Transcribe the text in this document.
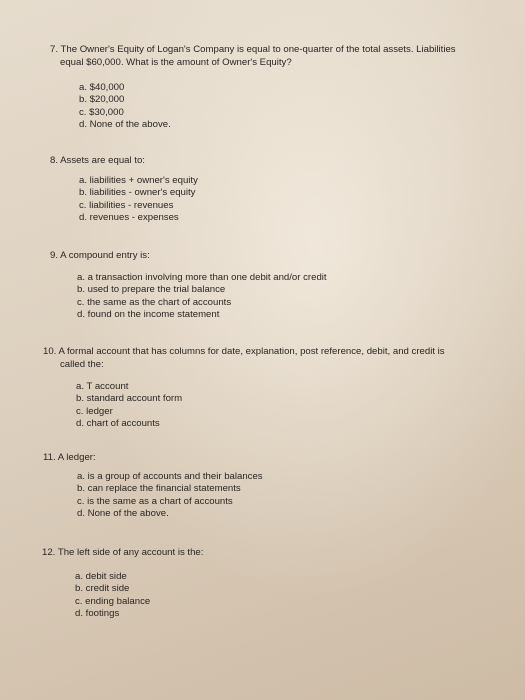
7. The Owner's Equity of Logan's Company is equal to one-quarter of the total assets. Liabilities
equal $60,000. What is the amount of Owner's Equity?
a. $40,000
b. $20,000
c. $30,000
d. None of the above.
8. Assets are equal to:
a. liabilities + owner's equity
b. liabilities - owner's equity
c. liabilities - revenues
d. revenues - expenses
9. A compound entry is:
a. a transaction involving more than one debit and/or credit
b. used to prepare the trial balance
c. the same as the chart of accounts
d. found on the income statement
10. A formal account that has columns for date, explanation, post reference, debit, and credit is
called the:
a. T account
b. standard account form
c. ledger
d. chart of accounts
11. A ledger:
a. is a group of accounts and their balances
b. can replace the financial statements
c. is the same as a chart of accounts
d. None of the above.
12. The left side of any account is the:
a. debit side
b. credit side
c. ending balance
d. footings
